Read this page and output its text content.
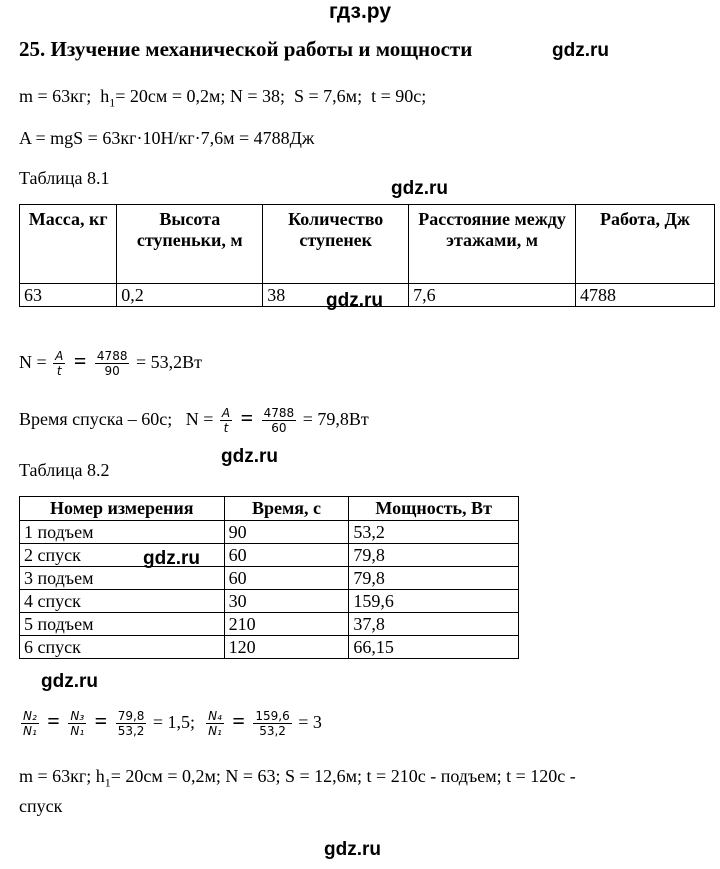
гдз.ру
25. Изучение механической работы и мощности	gdz.ru
m = 63кг; $h_1= 20см = 0,2м$; N = 38; S = 7,6м; t = 90с;
A = mgS = 63кг·10Н/кг·7,6м = 4788Дж
Таблица 8.1	gdz.ru
Масса, кг	Высота ступеньки, м	Количество ступенек	Расстояние между этажами, м	Работа, Дж
63	0,2	38	7,6	4788
gdz.ru
$N = \frac{A}{t} = \frac{4788}{90} = 53,2Вт$
Время спуска – 60с; $N = \frac{A}{t} = \frac{4788}{60} = 79,8Вт$
Таблица 8.2
gdz.ru
Номер измерения	Время, с	Мощность, Вт
1 подъем	90	53,2
2 спуск	60	79,8
3 подъем	60	79,8
4 спуск	30	159,6
5 подъем	210	37,8
6 спуск	120	66,15
gdz.ru
gdz.ru
$\frac{\text{N₂}}{\text{N₁}} = \frac{\text{N₃}}{\text{N₁}} = \frac{79,8}{53,2} = 1,5$; $\frac{\text{N₄}}{\text{N₁}} = \frac{159,6}{53,2} = 3$
m = 63кг; $h_1= 20см = 0,2м$; N = 63; S = 12,6м; t = 210с - подъем; t = 120с -
спуск
gdz.ru
